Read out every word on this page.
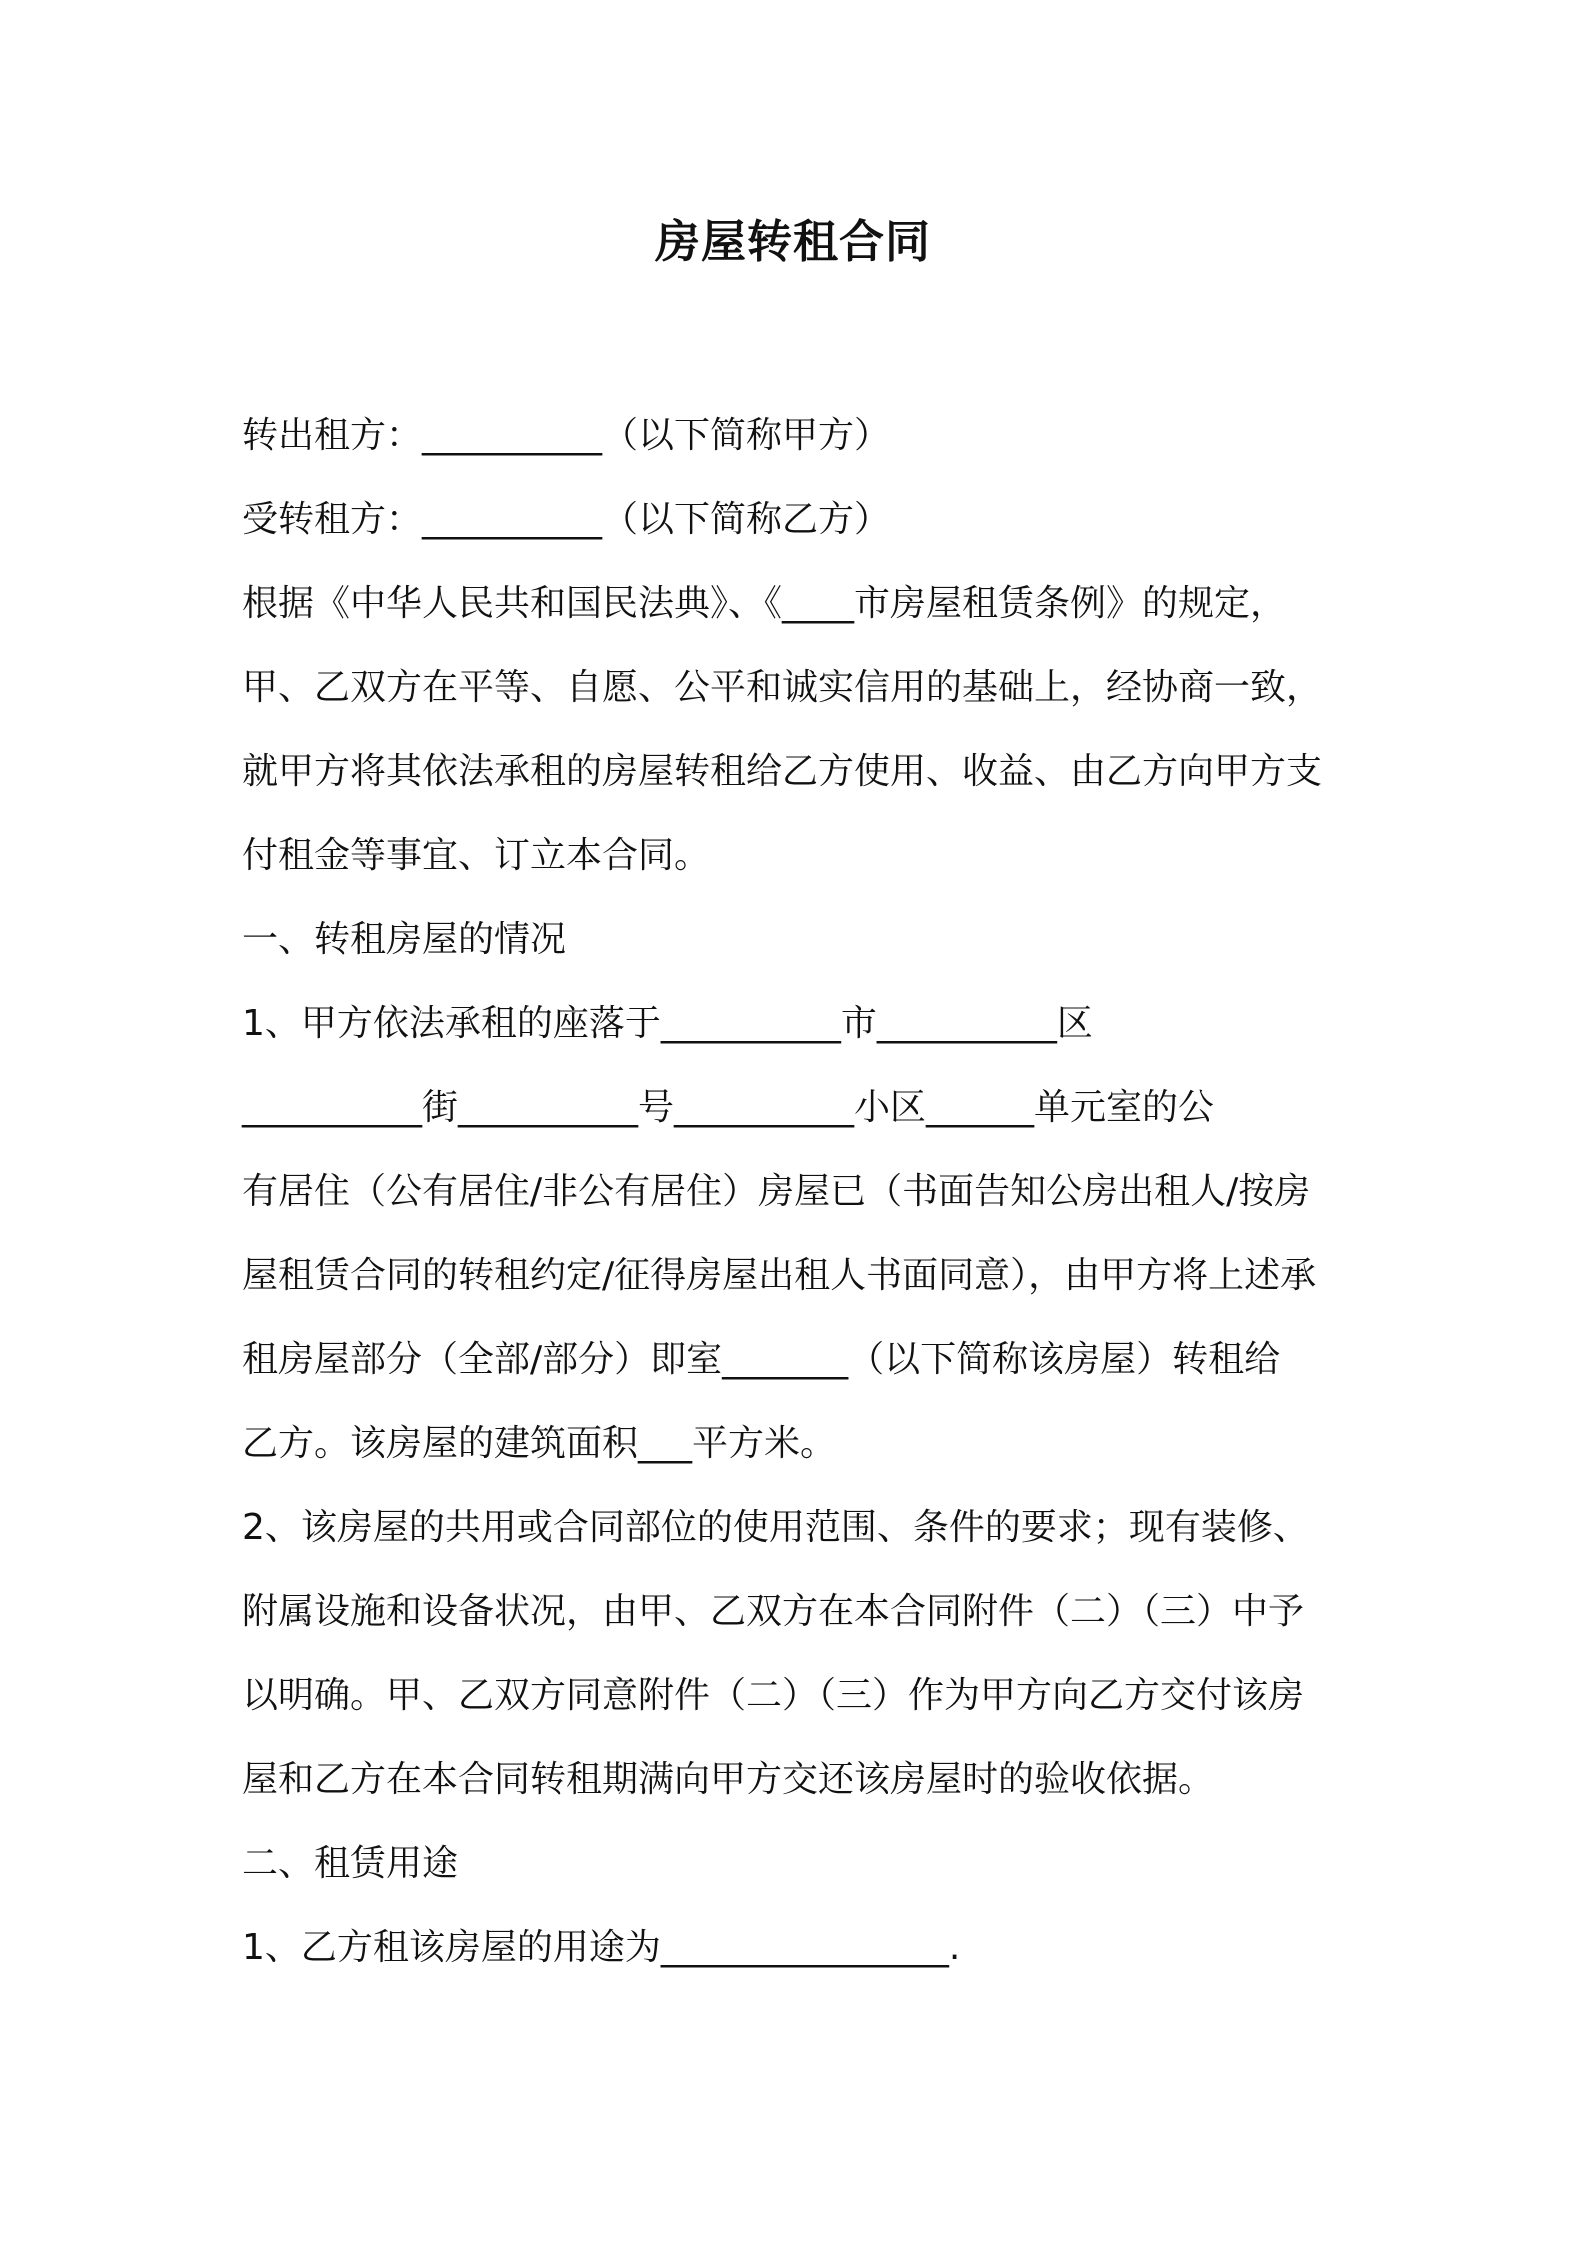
房屋转租合同

转出租方：__________（以下简称甲方）

受转租方：__________（以下简称乙方）

根据《中华人民共和国民法典》、《____市房屋租赁条例》的规定，

甲、乙双方在平等、自愿、公平和诚实信用的基础上，经协商一致，

就甲方将其依法承租的房屋转租给乙方使用、收益、由乙方向甲方支

付租金等事宜、订立本合同。

一、转租房屋的情况

1、甲方依法承租的座落于__________市__________区

__________街__________号__________小区______单元室的公

有居住（公有居住/非公有居住）房屋已（书面告知公房出租人/按房

屋租赁合同的转租约定/征得房屋出租人书面同意），由甲方将上述承

租房屋部分（全部/部分）即室_______（以下简称该房屋）转租给

乙方。该房屋的建筑面积___平方米。

2、该房屋的共用或合同部位的使用范围、条件的要求；现有装修、

附属设施和设备状况，由甲、乙双方在本合同附件（二）（三）中予

以明确。甲、乙双方同意附件（二）（三）作为甲方向乙方交付该房

屋和乙方在本合同转租期满向甲方交还该房屋时的验收依据。

二、租赁用途

1、乙方租该房屋的用途为________________.
